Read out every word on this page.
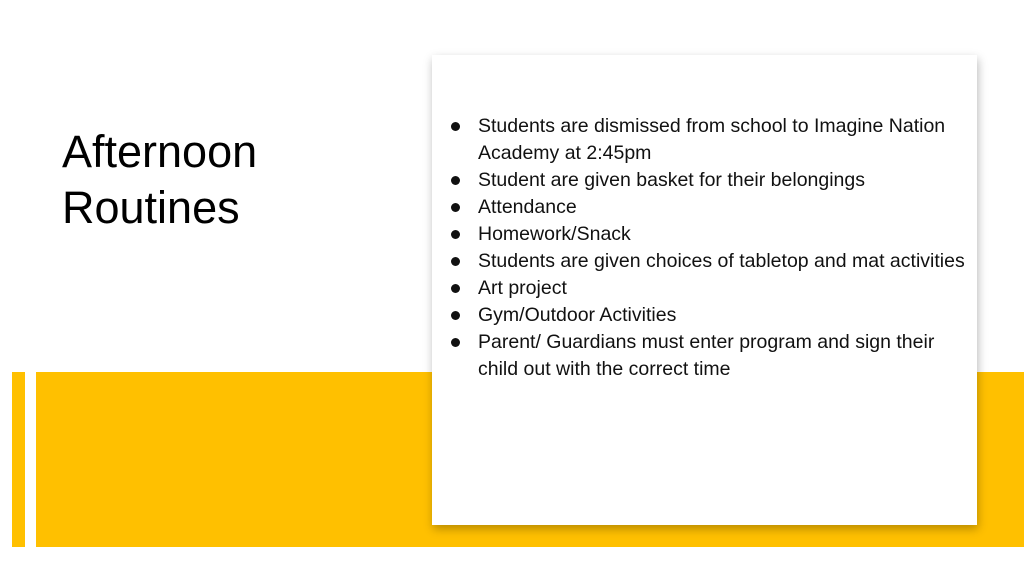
Afternoon Routines
Students are dismissed from school to Imagine Nation Academy at 2:45pm
Student are given basket for their belongings
Attendance
Homework/Snack
Students are given choices of tabletop and mat activities
Art project
Gym/Outdoor Activities
Parent/ Guardians must enter program and sign their child out with the correct time
